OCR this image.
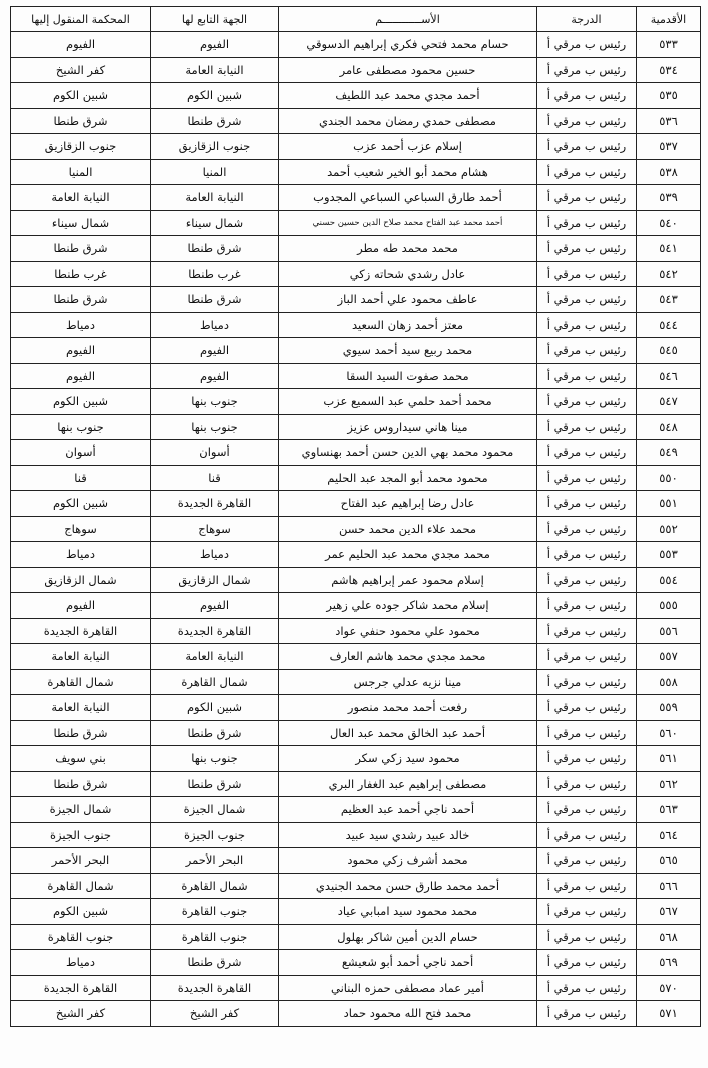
الأقدمية	الدرجة	الأســــــــــــم	الجهة التابع لها	المحكمة المنقول إليها
٥٣٣	رئيس ب مرقي أ	حسام محمد فتحي فكري إبراهيم الدسوقي	الفيوم	الفيوم
٥٣٤	رئيس ب مرقي أ	حسين محمود مصطفى عامر	النيابة العامة	كفر الشيخ
٥٣٥	رئيس ب مرقي أ	أحمد مجدي محمد عبد اللطيف	شبين الكوم	شبين الكوم
٥٣٦	رئيس ب مرقي أ	مصطفى حمدي رمضان محمد الجندي	شرق طنطا	شرق طنطا
٥٣٧	رئيس ب مرقي أ	إسلام عزب أحمد عزب	جنوب الزقازيق	جنوب الزقازيق
٥٣٨	رئيس ب مرقي أ	هشام محمد أبو الخير شعيب أحمد	المنيا	المنيا
٥٣٩	رئيس ب مرقي أ	أحمد طارق السباعي السباعي المجدوب	النيابة العامة	النيابة العامة
٥٤٠	رئيس ب مرقي أ	أحمد محمد عبد الفتاح محمد صلاح الدين حسين حسني	شمال سيناء	شمال سيناء
٥٤١	رئيس ب مرقي أ	محمد محمد طه مطر	شرق طنطا	شرق طنطا
٥٤٢	رئيس ب مرقي أ	عادل رشدي شحاته زكي	غرب طنطا	غرب طنطا
٥٤٣	رئيس ب مرقي أ	عاطف محمود علي أحمد الباز	شرق طنطا	شرق طنطا
٥٤٤	رئيس ب مرقي أ	معتز أحمد زهان السعيد	دمياط	دمياط
٥٤٥	رئيس ب مرقي أ	محمد ربيع سيد أحمد سيوي	الفيوم	الفيوم
٥٤٦	رئيس ب مرقي أ	محمد صفوت السيد السقا	الفيوم	الفيوم
٥٤٧	رئيس ب مرقي أ	محمد أحمد حلمي عبد السميع عزب	جنوب بنها	شبين الكوم
٥٤٨	رئيس ب مرقي أ	مينا هاني سيداروس عزيز	جنوب بنها	جنوب بنها
٥٤٩	رئيس ب مرقي أ	محمود محمد بهي الدين حسن أحمد بهنساوي	أسوان	أسوان
٥٥٠	رئيس ب مرقي أ	محمود محمد أبو المجد عبد الحليم	قنا	قنا
٥٥١	رئيس ب مرقي أ	عادل رضا إبراهيم عبد الفتاح	القاهرة الجديدة	شبين الكوم
٥٥٢	رئيس ب مرقي أ	محمد علاء الدين محمد حسن	سوهاج	سوهاج
٥٥٣	رئيس ب مرقي أ	محمد مجدي محمد عبد الحليم عمر	دمياط	دمياط
٥٥٤	رئيس ب مرقي أ	إسلام محمود عمر إبراهيم هاشم	شمال الزقازيق	شمال الزقازيق
٥٥٥	رئيس ب مرقي أ	إسلام محمد شاكر جوده علي زهير	الفيوم	الفيوم
٥٥٦	رئيس ب مرقي أ	محمود علي محمود حنفي عواد	القاهرة الجديدة	القاهرة الجديدة
٥٥٧	رئيس ب مرقي أ	محمد مجدي محمد هاشم العارف	النيابة العامة	النيابة العامة
٥٥٨	رئيس ب مرقي أ	مينا نزيه عدلي جرجس	شمال القاهرة	شمال القاهرة
٥٥٩	رئيس ب مرقي أ	رفعت أحمد محمد منصور	شبين الكوم	النيابة العامة
٥٦٠	رئيس ب مرقي أ	أحمد عبد الخالق محمد عبد العال	شرق طنطا	شرق طنطا
٥٦١	رئيس ب مرقي أ	محمود سيد زكي سكر	جنوب بنها	بني سويف
٥٦٢	رئيس ب مرقي أ	مصطفى إبراهيم عبد الغفار البري	شرق طنطا	شرق طنطا
٥٦٣	رئيس ب مرقي أ	أحمد ناجي أحمد عبد العظيم	شمال الجيزة	شمال الجيزة
٥٦٤	رئيس ب مرقي أ	خالد عبيد رشدي سيد عبيد	جنوب الجيزة	جنوب الجيزة
٥٦٥	رئيس ب مرقي أ	محمد أشرف زكي محمود	البحر الأحمر	البحر الأحمر
٥٦٦	رئيس ب مرقي أ	أحمد محمد طارق حسن محمد الجنيدي	شمال القاهرة	شمال القاهرة
٥٦٧	رئيس ب مرقي أ	محمد محمود سيد امبابي عياد	جنوب القاهرة	شبين الكوم
٥٦٨	رئيس ب مرقي أ	حسام الدين أمين شاكر بهلول	جنوب القاهرة	جنوب القاهرة
٥٦٩	رئيس ب مرقي أ	أحمد ناجي أحمد أبو شعيشع	شرق طنطا	دمياط
٥٧٠	رئيس ب مرقي أ	أمير عماد مصطفى حمزه البناني	القاهرة الجديدة	القاهرة الجديدة
٥٧١	رئيس ب مرقي أ	محمد فتح الله محمود حماد	كفر الشيخ	كفر الشيخ
